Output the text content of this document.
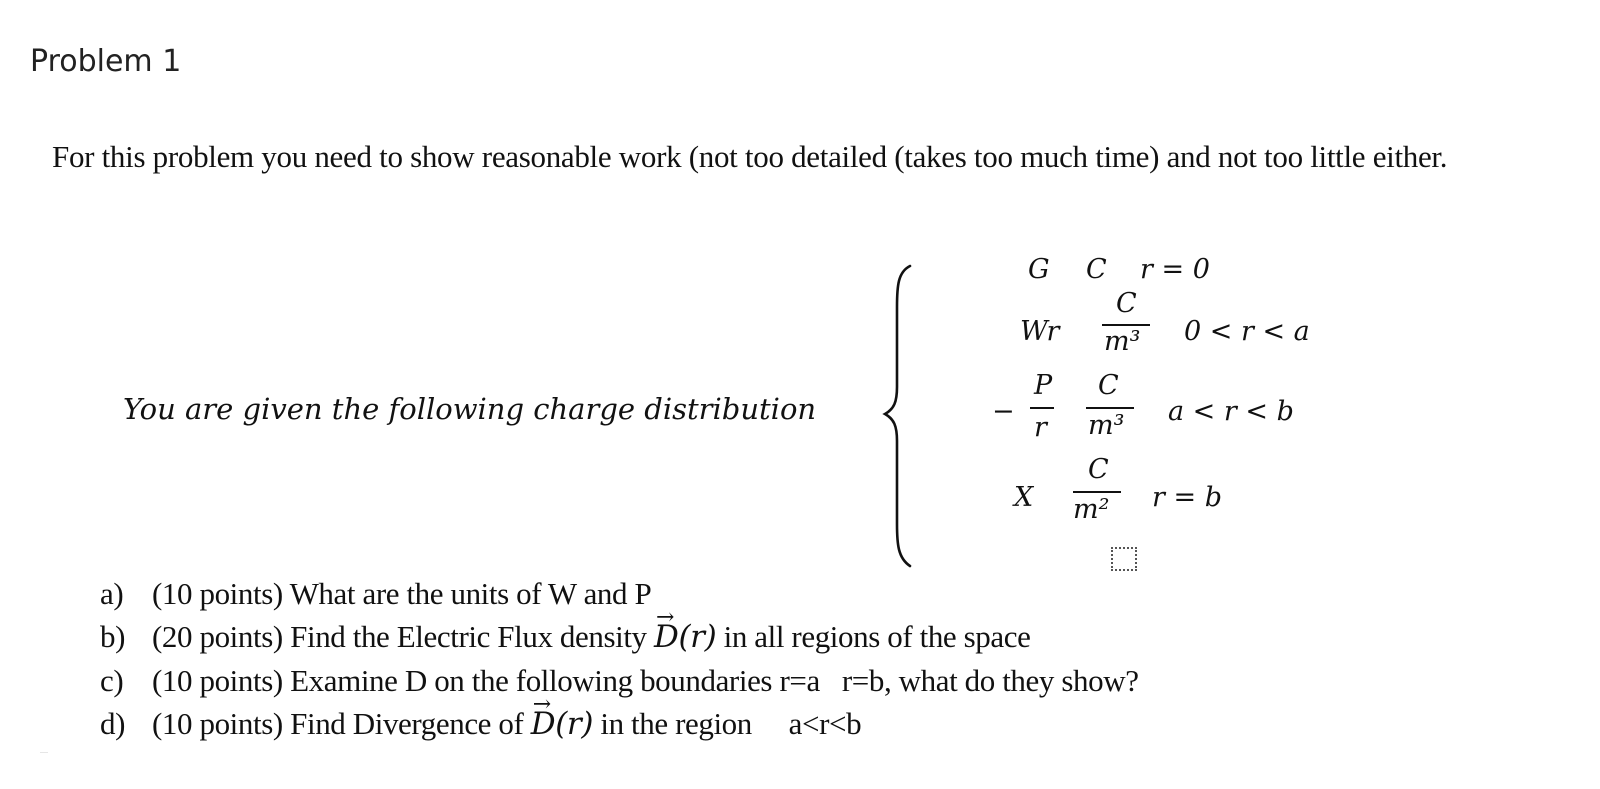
Problem 1
For this problem you need to show reasonable work (not too detailed (takes too much time) and not too little either.
You are given the following charge distribution
G C r = 0
Wr
C
m³ 0 < r < a
−
P
r
C
m³ a < r < b
X
C
m² r = b
a) (10 points) What are the units of W and P
b) (20 points) Find the Electric Flux density → D(r) in all regions of the space
c) (10 points) Examine D on the following boundaries r=a   r=b, what do they show?
d) (10 points) Find Divergence of → D(r) in the region     a<r<b
